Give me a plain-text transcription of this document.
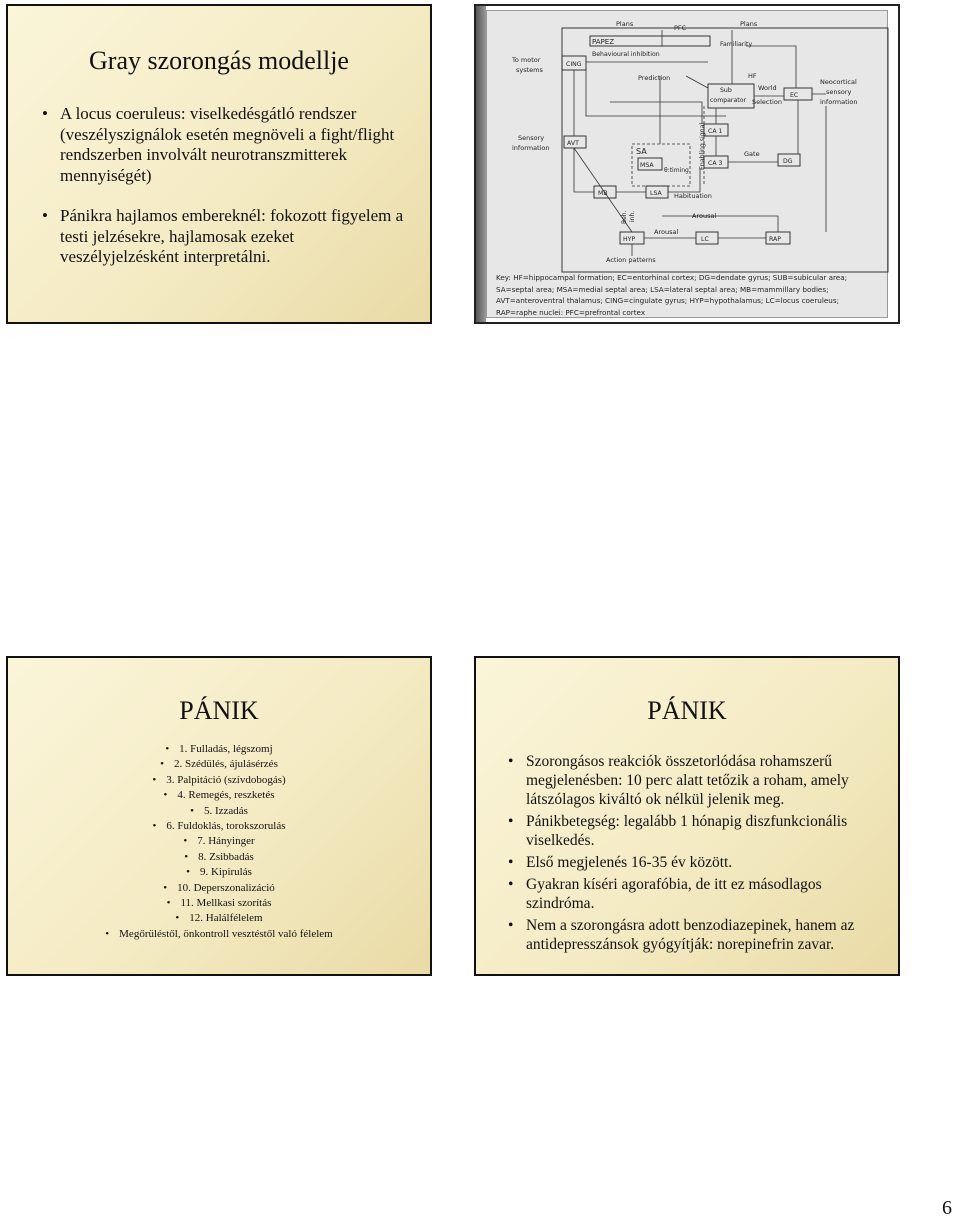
Gray szorongás modellje
• A locus coeruleus: viselkedésgátló rendszer (veszélyszignálok esetén megnöveli a fight/flight rendszerben involvált neurotranszmitterek mennyiségét)
• Pánikra hajlamos embereknél: fokozott figyelem a testi jelzésekre, hajlamosak ezeket veszélyjelzésként interpretálni.
Plans	PFC	Plans
To motor
systems
PAPEZ
Behavioural inhibition
Familiarity
CING
Prediction	HF
Neocortical
sensory
information
Sub
comparator
World
Selection
EC
Sensory
information	Enabling signal CA 1
AVT
SA	Gate
DG
MSA
θ:timing
CA 3
MB	LSA Habituation
Beh. inh.	Arousal
Arousal
HYP	LC	RAP
Action patterns
Key: HF=hippocampal formation; EC=entorhinal cortex; DG=dendate gyrus; SUB=subicular area;
SA=septal area; MSA=medial septal area; LSA=lateral septal area; MB=mammillary bodies;
AVT=anteroventral thalamus; CING=cingulate gyrus; HYP=hypothalamus; LC=locus coeruleus;
RAP=raphe nuclei: PFC=prefrontal cortex
PÁNIK
• 1. Fulladás, légszomj
• 2. Szédülés, ájulásérzés
• 3. Palpitáció (szívdobogás)
• 4. Remegés, reszketés
• 5. Izzadás
• 6. Fuldoklás, torokszorulás
• 7. Hányinger
• 8. Zsibbadás
• 9. Kipirulás
• 10. Deperszonalizáció
• 11. Mellkasi szorítás
• 12. Halálfélelem
• Megőrüléstől, önkontroll vesztéstől való félelem
PÁNIK
• Szorongásos reakciók összetorlódása rohamszerű megjelenésben: 10 perc alatt tetőzik a roham, amely látszólagos kiváltó ok nélkül jelenik meg.
• Pánikbetegség: legalább 1 hónapig diszfunkcionális viselkedés.
• Első megjelenés 16-35 év között.
• Gyakran kíséri agorafóbia, de itt ez másodlagos szindróma.
• Nem a szorongásra adott benzodiazepinek, hanem az antidepresszánsok gyógyítják: norepinefrin zavar.
6
